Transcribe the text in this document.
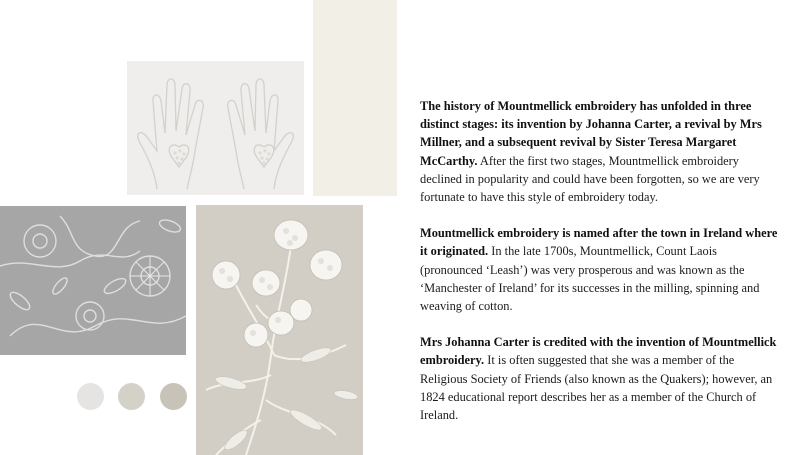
The history of Mountmellick embroidery has unfolded in three distinct stages: its invention by Johanna Carter, a revival by Mrs Millner, and a subsequent revival by Sister Teresa Margaret McCarthy. After the first two stages, Mountmellick embroidery declined in popularity and could have been forgotten, so we are very fortunate to have this style of embroidery today.

Mountmellick embroidery is named after the town in Ireland where it originated. In the late 1700s, Mountmellick, Count Laois (pronounced ‘Leash’) was very prosperous and was known as the ‘Manchester of Ireland’ for its successes in the milling, spinning and weaving of cotton.

Mrs Johanna Carter is credited with the invention of Mountmellick embroidery. It is often suggested that she was a member of the Religious Society of Friends (also known as the Quakers); however, an 1824 educational report describes her as a member of the Church of Ireland.
